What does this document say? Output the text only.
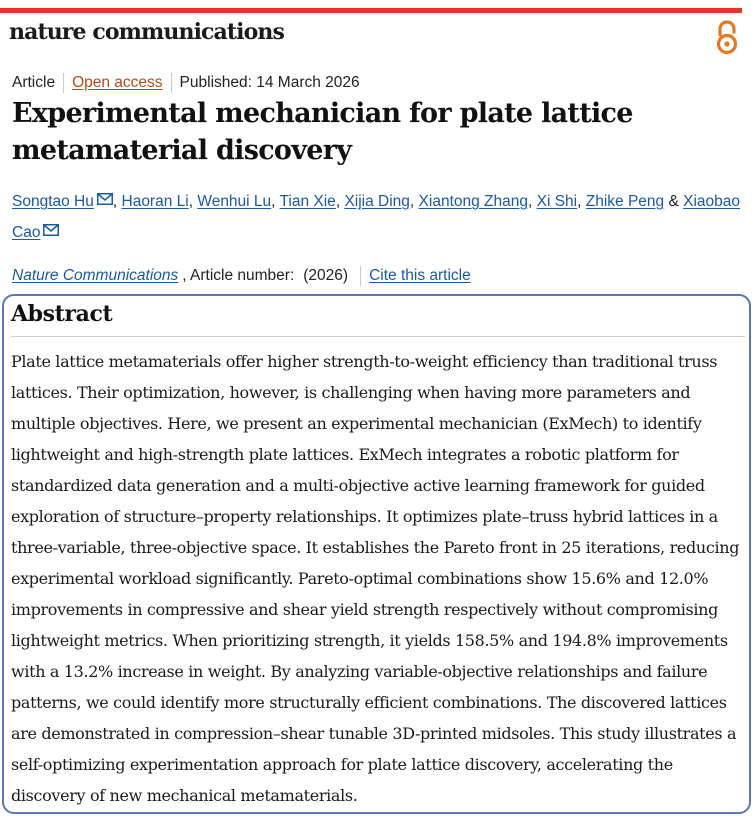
nature communications
Article Open access Published: 14 March 2026
Experimental mechanician for plate lattice metamaterial discovery
Songtao Hu , Haoran Li, Wenhui Lu, Tian Xie, Xijia Ding, Xiantong Zhang, Xi Shi, Zhike Peng & Xiaobao Cao
Nature Communications , Article number: (2026) Cite this article
Abstract

Plate lattice metamaterials offer higher strength-to-weight efficiency than traditional truss lattices. Their optimization, however, is challenging when having more parameters and multiple objectives. Here, we present an experimental mechanician (ExMech) to identify lightweight and high-strength plate lattices. ExMech integrates a robotic platform for standardized data generation and a multi-objective active learning framework for guided exploration of structure–property relationships. It optimizes plate–truss hybrid lattices in a three-variable, three-objective space. It establishes the Pareto front in 25 iterations, reducing experimental workload significantly. Pareto-optimal combinations show 15.6% and 12.0% improvements in compressive and shear yield strength respectively without compromising lightweight metrics. When prioritizing strength, it yields 158.5% and 194.8% improvements with a 13.2% increase in weight. By analyzing variable-objective relationships and failure patterns, we could identify more structurally efficient combinations. The discovered lattices are demonstrated in compression–shear tunable 3D-printed midsoles. This study illustrates a self-optimizing experimentation approach for plate lattice discovery, accelerating the discovery of new mechanical metamaterials.
